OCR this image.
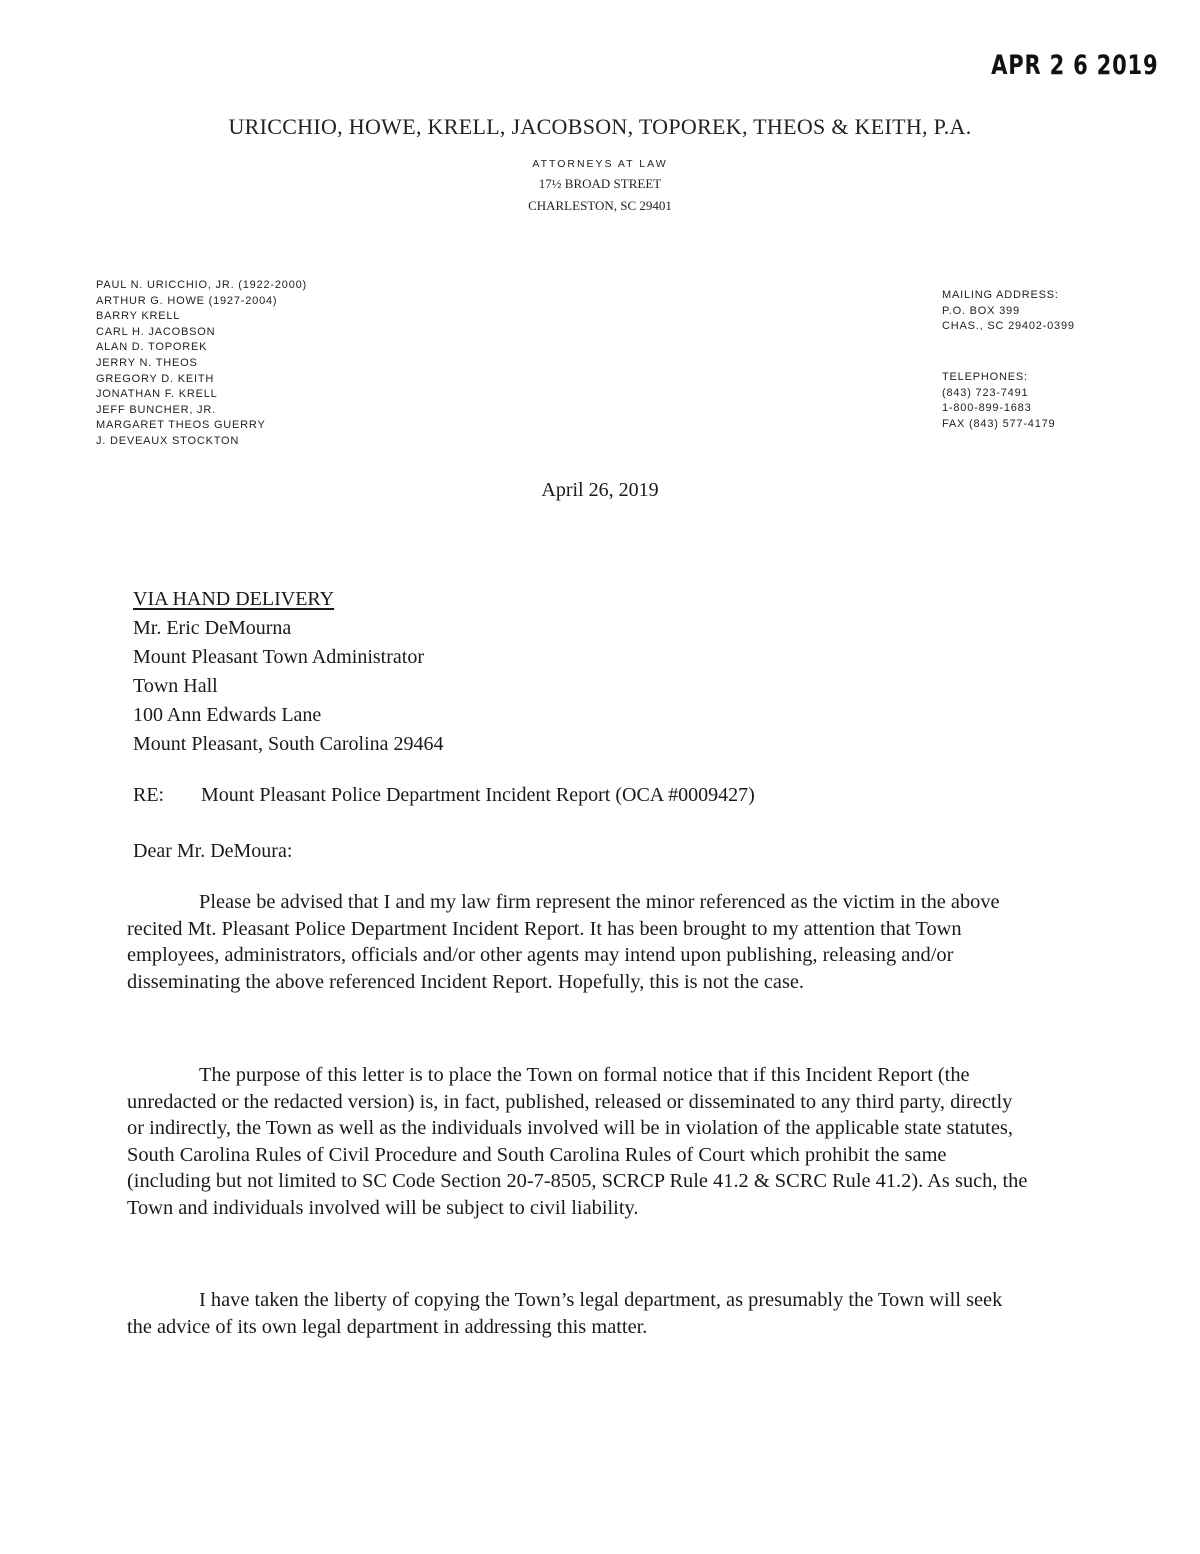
APR 2 6 2019
URICCHIO, HOWE, KRELL, JACOBSON, TOPOREK, THEOS & KEITH, P.A.
ATTORNEYS AT LAW
17½ BROAD STREET
CHARLESTON, SC 29401
PAUL N. URICCHIO, JR. (1922-2000)
ARTHUR G. HOWE (1927-2004)
BARRY KRELL
CARL H. JACOBSON
ALAN D. TOPOREK
JERRY N. THEOS
GREGORY D. KEITH
JONATHAN F. KRELL
JEFF BUNCHER, JR.
MARGARET THEOS GUERRY
J. DEVEAUX STOCKTON
MAILING ADDRESS:
P.O. BOX 399
CHAS., SC 29402-0399
TELEPHONES:
(843) 723-7491
1-800-899-1683
FAX (843) 577-4179
April 26, 2019
VIA HAND DELIVERY
Mr. Eric DeMourna
Mount Pleasant Town Administrator
Town Hall
100 Ann Edwards Lane
Mount Pleasant, South Carolina 29464
RE: Mount Pleasant Police Department Incident Report (OCA #0009427)
Dear Mr. DeMoura:

Please be advised that I and my law firm represent the minor referenced as the victim in the above recited Mt. Pleasant Police Department Incident Report. It has been brought to my attention that Town employees, administrators, officials and/or other agents may intend upon publishing, releasing and/or disseminating the above referenced Incident Report. Hopefully, this is not the case.

The purpose of this letter is to place the Town on formal notice that if this Incident Report (the unredacted or the redacted version) is, in fact, published, released or disseminated to any third party, directly or indirectly, the Town as well as the individuals involved will be in violation of the applicable state statutes, South Carolina Rules of Civil Procedure and South Carolina Rules of Court which prohibit the same (including but not limited to SC Code Section 20-7-8505, SCRCP Rule 41.2 & SCRC Rule 41.2). As such, the Town and individuals involved will be subject to civil liability.

I have taken the liberty of copying the Town’s legal department, as presumably the Town will seek the advice of its own legal department in addressing this matter.
